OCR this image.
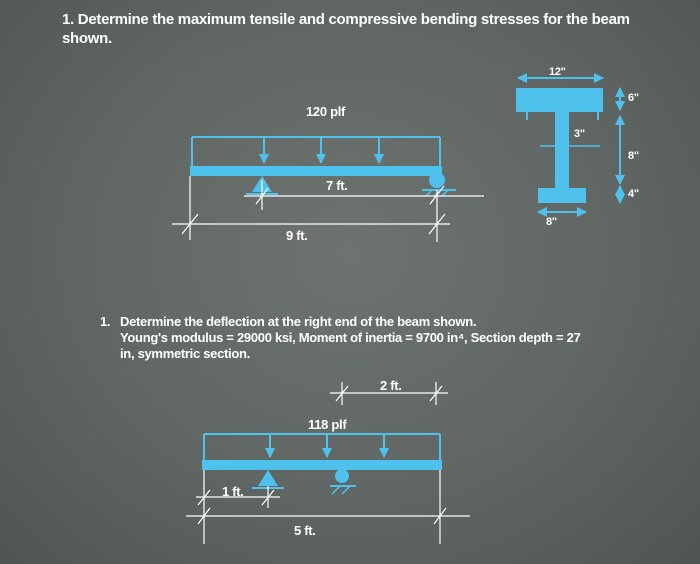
1. Determine the maximum tensile and compressive bending stresses for the beam shown.

1. Determine the deflection at the right end of the beam shown.
Young's modulus = 29000 ksi, Moment of inertia = 9700 in⁴, Section depth = 27
in, symmetric section.
120 plf
7 ft.
9 ft.
12"
6"
3"
8"
4"
8"
2 ft.
118 plf
1 ft.
5 ft.
